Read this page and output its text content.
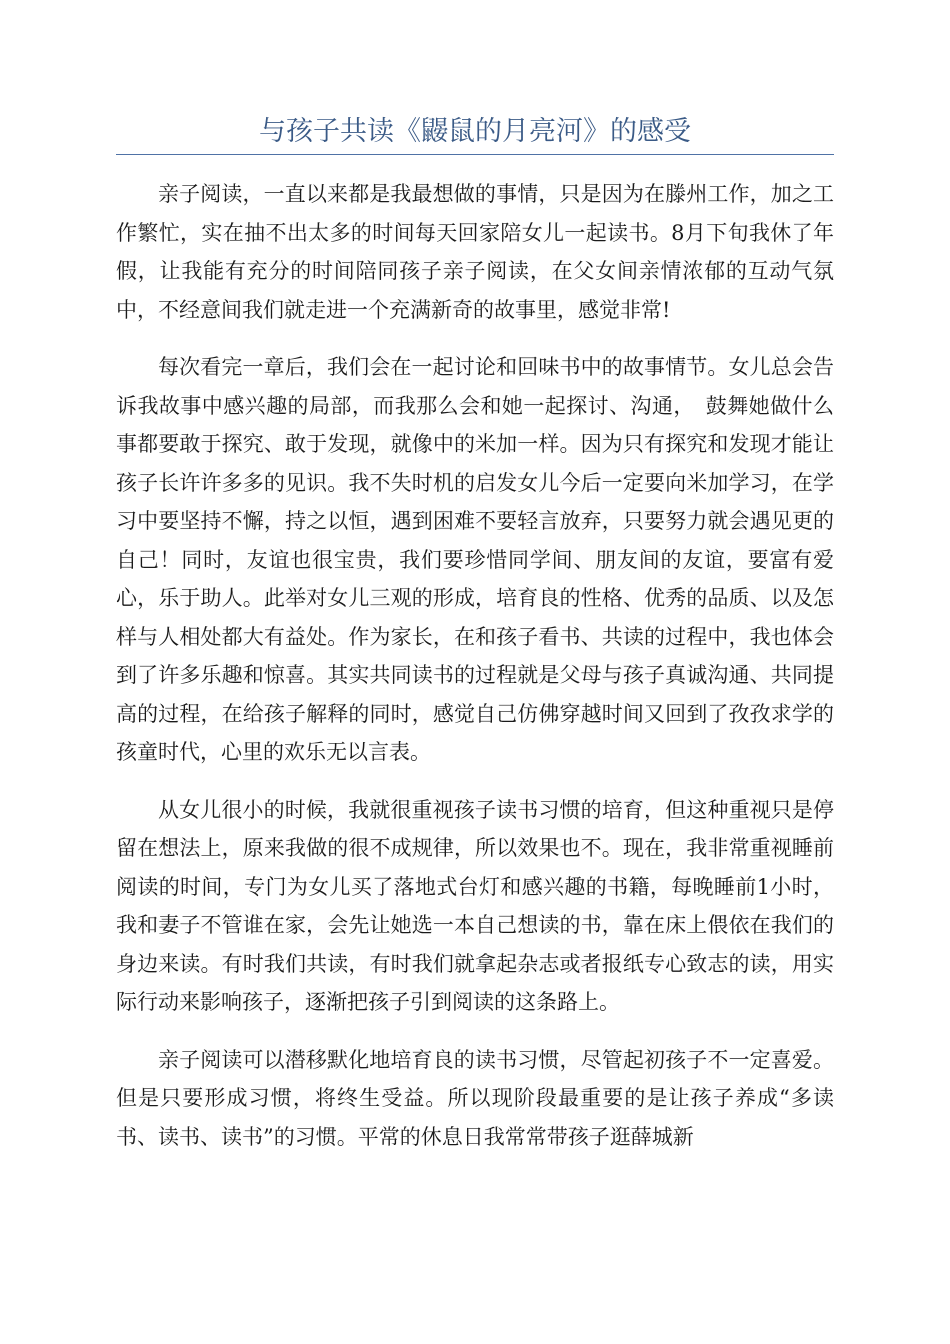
与孩子共读《鼹鼠的月亮河》的感受

亲子阅读，一直以来都是我最想做的事情，只是因为在滕州工作，加之工作繁忙，实在抽不出太多的时间每天回家陪女儿一起读书。8月下旬我休了年假，让我能有充分的时间陪同孩子亲子阅读，在父女间亲情浓郁的互动气氛中，不经意间我们就走进一个充满新奇的故事里，感觉非常!

每次看完一章后，我们会在一起讨论和回味书中的故事情节。女儿总会告诉我故事中感兴趣的局部，而我那么会和她一起探讨、沟通，　鼓舞她做什么事都要敢于探究、敢于发现，就像中的米加一样。因为只有探究和发现才能让孩子长许许多多的见识。我不失时机的启发女儿今后一定要向米加学习，在学习中要坚持不懈，持之以恒，遇到困难不要轻言放弃，只要努力就会遇见更的自己！同时，友谊也很宝贵，我们要珍惜同学间、朋友间的友谊，要富有爱心，乐于助人。此举对女儿三观的形成，培育良的性格、优秀的品质、以及怎样与人相处都大有益处。作为家长，在和孩子看书、共读的过程中，我也体会到了许多乐趣和惊喜。其实共同读书的过程就是父母与孩子真诚沟通、共同提高的过程，在给孩子解释的同时，感觉自己仿佛穿越时间又回到了孜孜求学的孩童时代，心里的欢乐无以言表。

从女儿很小的时候，我就很重视孩子读书习惯的培育，但这种重视只是停留在想法上，原来我做的很不成规律，所以效果也不。现在，我非常重视睡前阅读的时间，专门为女儿买了落地式台灯和感兴趣的书籍，每晚睡前1小时，我和妻子不管谁在家，会先让她选一本自己想读的书，靠在床上偎依在我们的身边来读。有时我们共读，有时我们就拿起杂志或者报纸专心致志的读，用实际行动来影响孩子，逐渐把孩子引到阅读的这条路上。

亲子阅读可以潜移默化地培育良的读书习惯，尽管起初孩子不一定喜爱。但是只要形成习惯，将终生受益。所以现阶段最重要的是让孩子养成“多读书、读书、读书”的习惯。平常的休息日我常常带孩子逛薛城新
